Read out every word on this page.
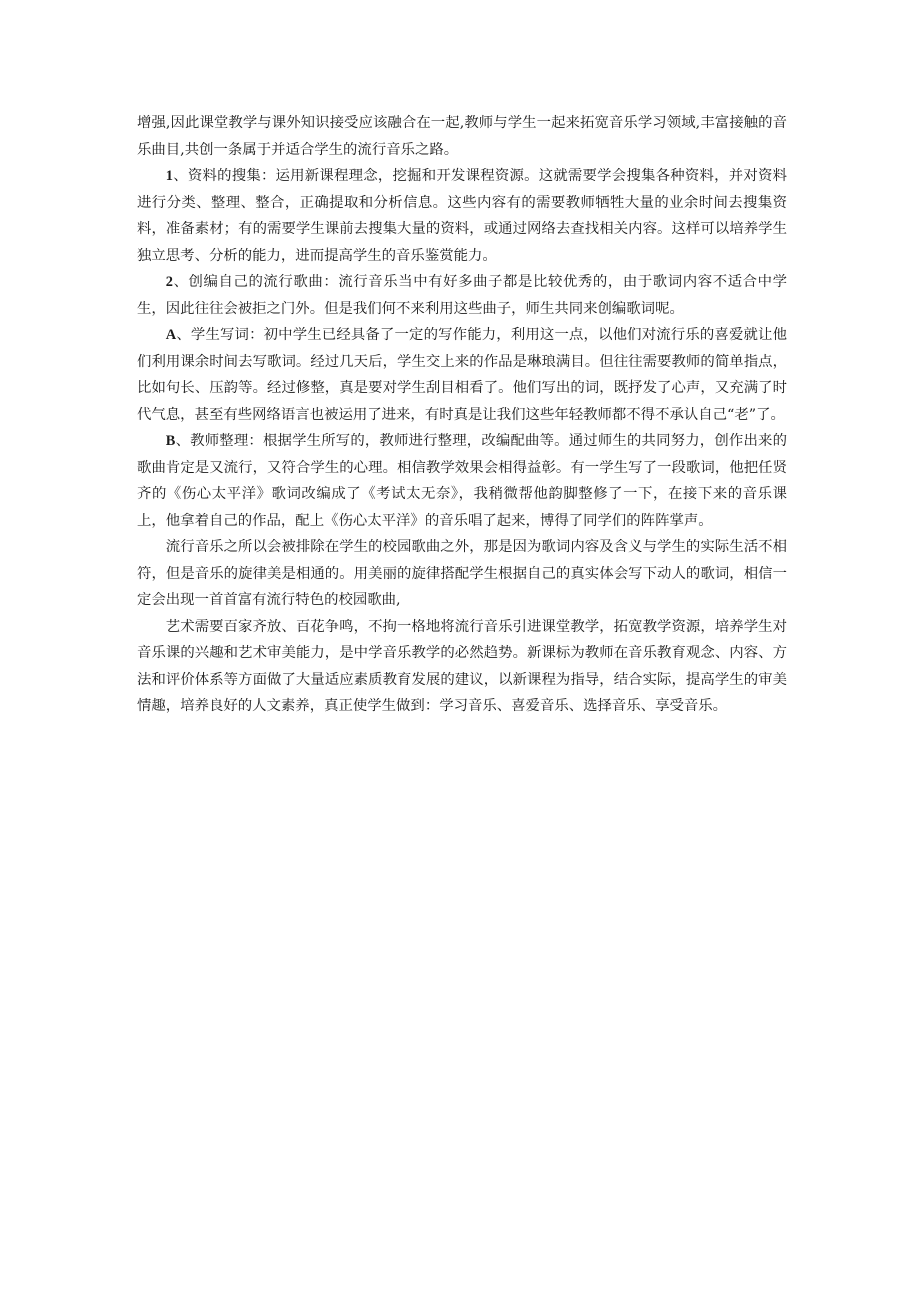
增强,因此课堂教学与课外知识接受应该融合在一起,教师与学生一起来拓宽音乐学习领域,丰富接触的音乐曲目,共创一条属于并适合学生的流行音乐之路。

1、资料的搜集：运用新课程理念，挖掘和开发课程资源。这就需要学会搜集各种资料，并对资料进行分类、整理、整合，正确提取和分析信息。这些内容有的需要教师牺牲大量的业余时间去搜集资料，准备素材；有的需要学生课前去搜集大量的资料，或通过网络去查找相关内容。这样可以培养学生独立思考、分析的能力，进而提高学生的音乐鉴赏能力。

2、创编自己的流行歌曲：流行音乐当中有好多曲子都是比较优秀的，由于歌词内容不适合中学生，因此往往会被拒之门外。但是我们何不来利用这些曲子，师生共同来创编歌词呢。

A、学生写词：初中学生已经具备了一定的写作能力，利用这一点，以他们对流行乐的喜爱就让他们利用课余时间去写歌词。经过几天后，学生交上来的作品是琳琅满目。但往往需要教师的简单指点，比如句长、压韵等。经过修整，真是要对学生刮目相看了。他们写出的词，既抒发了心声，又充满了时代气息，甚至有些网络语言也被运用了进来，有时真是让我们这些年轻教师都不得不承认自己“老”了。

B、教师整理：根据学生所写的，教师进行整理，改编配曲等。通过师生的共同努力，创作出来的歌曲肯定是又流行，又符合学生的心理。相信教学效果会相得益彰。有一学生写了一段歌词，他把任贤齐的《伤心太平洋》歌词改编成了《考试太无奈》，我稍微帮他韵脚整修了一下，在接下来的音乐课上，他拿着自己的作品，配上《伤心太平洋》的音乐唱了起来，博得了同学们的阵阵掌声。

流行音乐之所以会被排除在学生的校园歌曲之外，那是因为歌词内容及含义与学生的实际生活不相符，但是音乐的旋律美是相通的。用美丽的旋律搭配学生根据自己的真实体会写下动人的歌词，相信一定会出现一首首富有流行特色的校园歌曲,

艺术需要百家齐放、百花争鸣，不拘一格地将流行音乐引进课堂教学，拓宽教学资源，培养学生对音乐课的兴趣和艺术审美能力，是中学音乐教学的必然趋势。新课标为教师在音乐教育观念、内容、方法和评价体系等方面做了大量适应素质教育发展的建议，以新课程为指导，结合实际，提高学生的审美情趣，培养良好的人文素养，真正使学生做到：学习音乐、喜爱音乐、选择音乐、享受音乐。
